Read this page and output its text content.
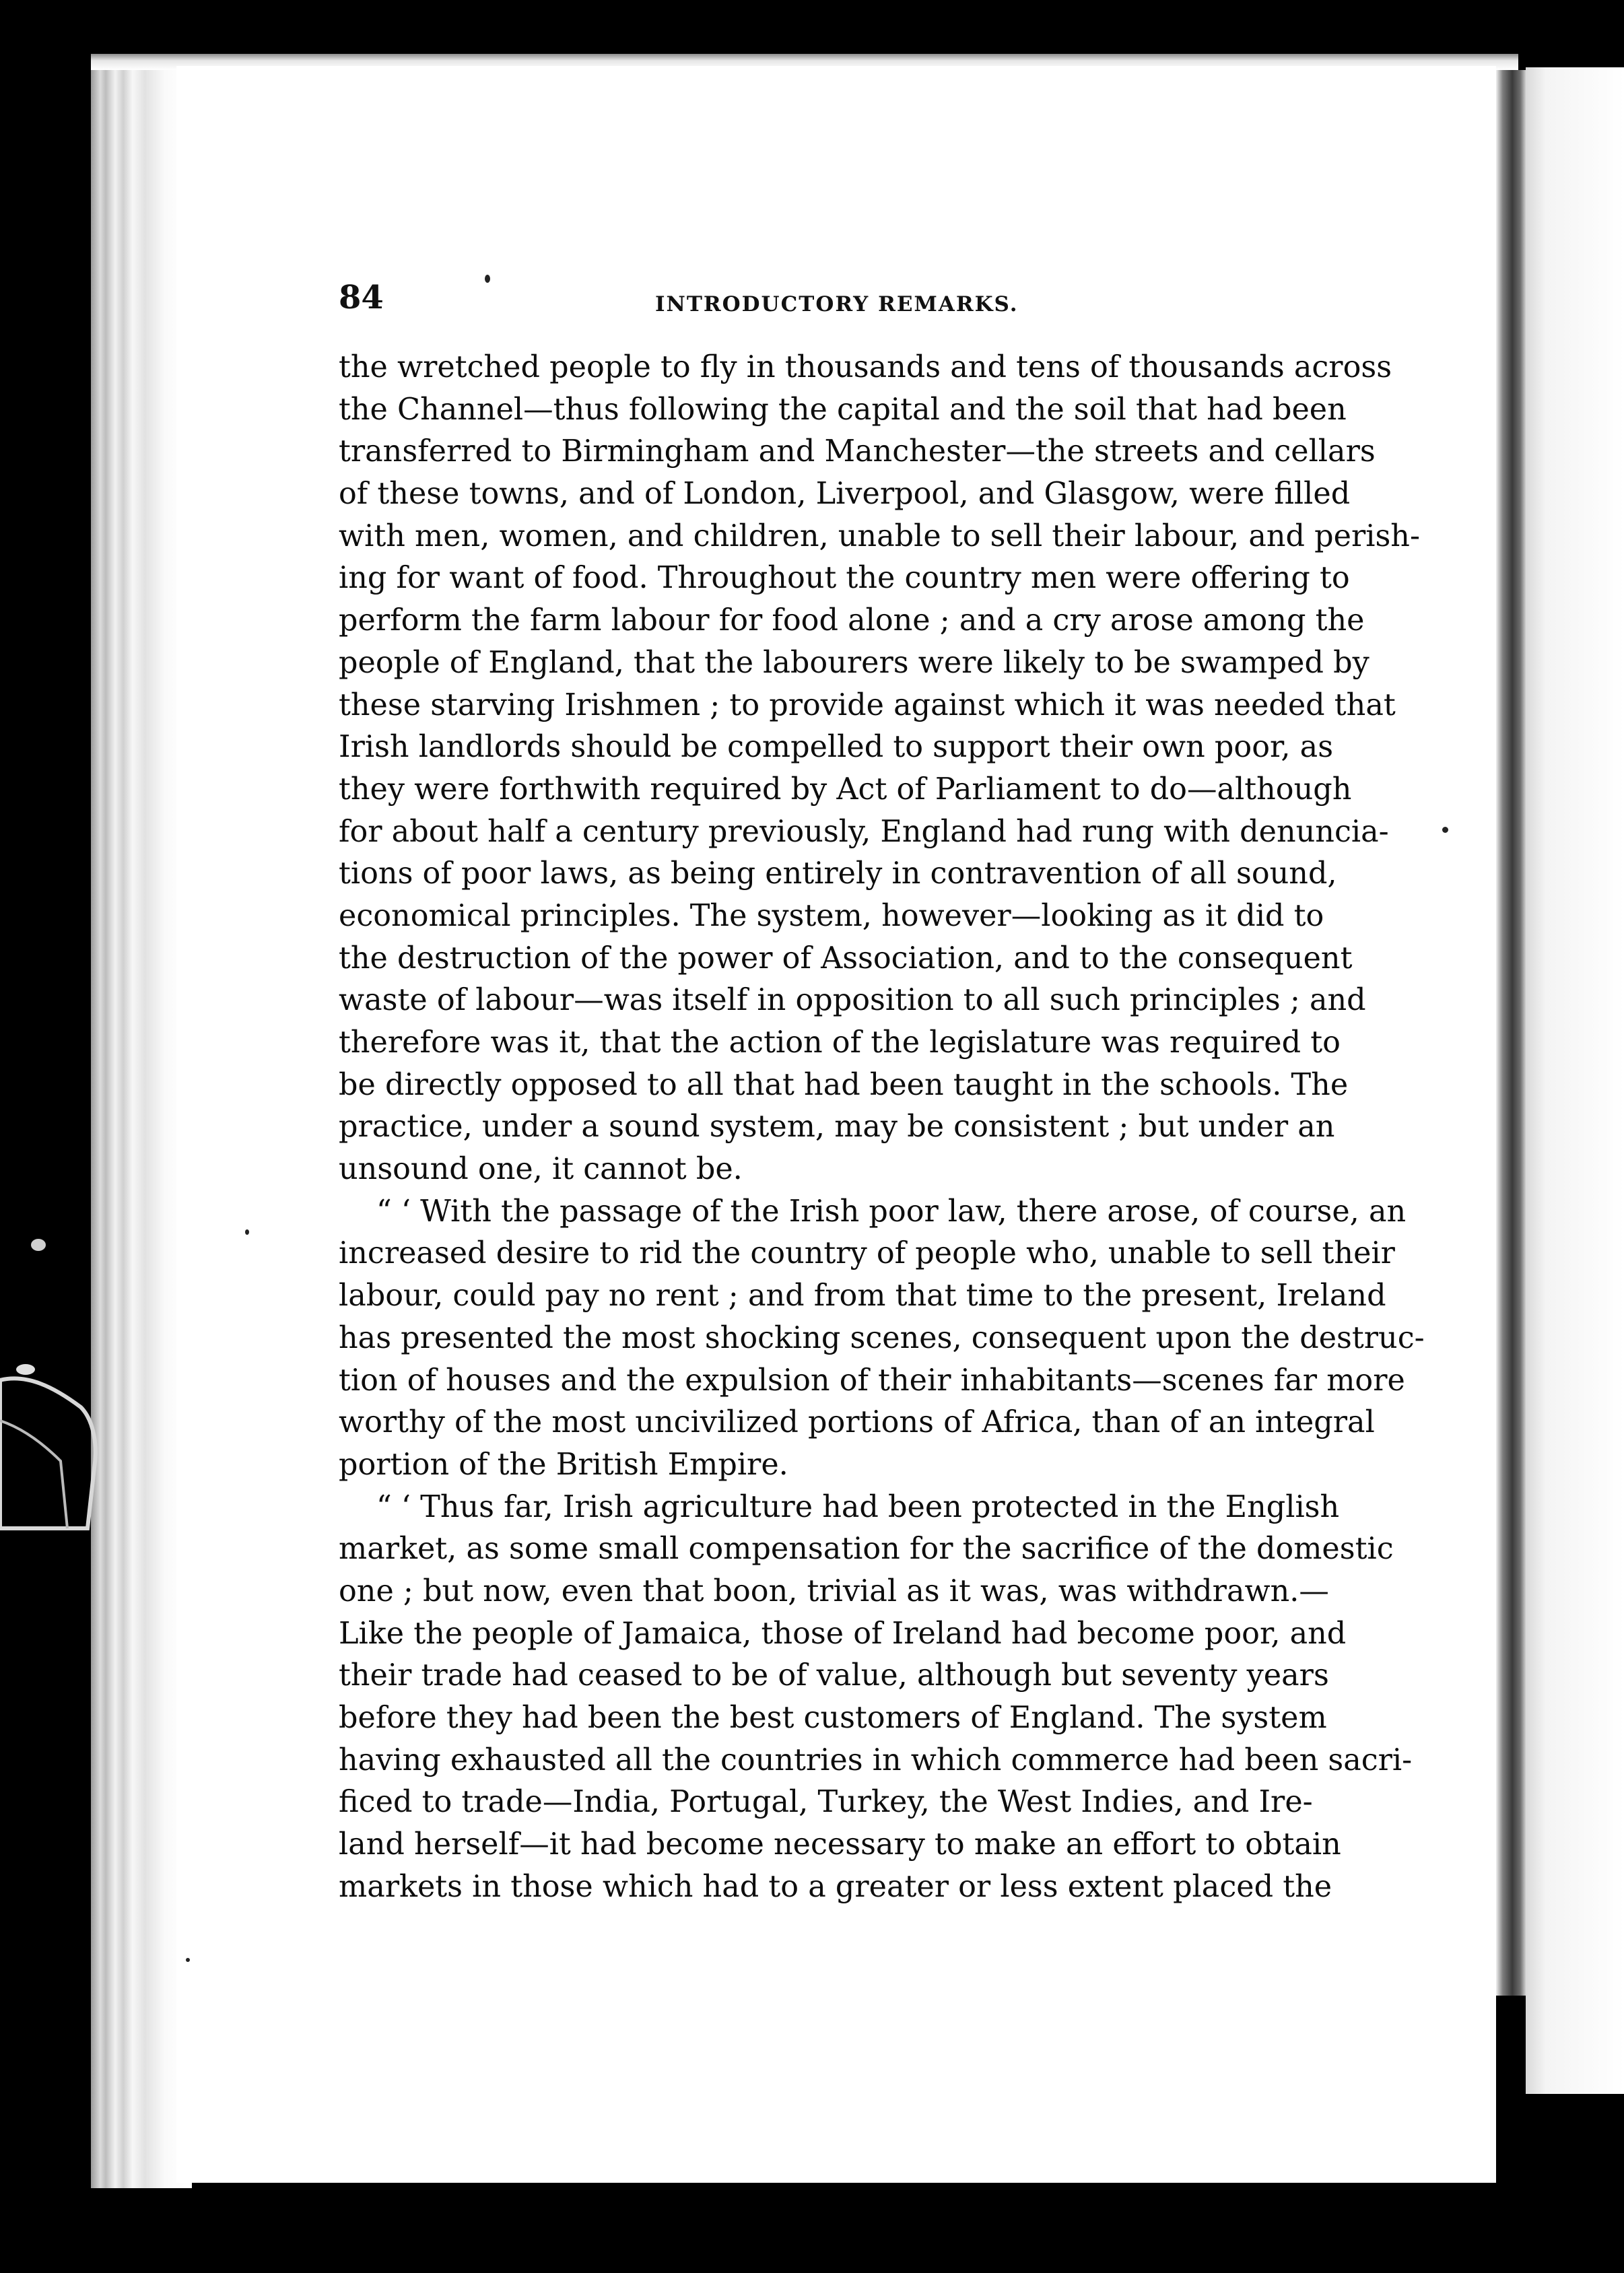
84	INTRODUCTORY REMARKS.
the wretched people to fly in thousands and tens of thousands across
the Channel—thus following the capital and the soil that had been
transferred to Birmingham and Manchester—the streets and cellars
of these towns, and of London, Liverpool, and Glasgow, were filled
with men, women, and children, unable to sell their labour, and perish-
ing for want of food. Throughout the country men were offering to
perform the farm labour for food alone ; and a cry arose among the
people of England, that the labourers were likely to be swamped by
these starving Irishmen ; to provide against which it was needed that
Irish landlords should be compelled to support their own poor, as
they were forthwith required by Act of Parliament to do—although
for about half a century previously, England had rung with denuncia-
tions of poor laws, as being entirely in contravention of all sound,
economical principles. The system, however—looking as it did to
the destruction of the power of Association, and to the consequent
waste of labour—was itself in opposition to all such principles ; and
therefore was it, that the action of the legislature was required to
be directly opposed to all that had been taught in the schools. The
practice, under a sound system, may be consistent ; but under an
unsound one, it cannot be.
“ ‘ With the passage of the Irish poor law, there arose, of course, an
increased desire to rid the country of people who, unable to sell their
labour, could pay no rent ; and from that time to the present, Ireland
has presented the most shocking scenes, consequent upon the destruc-
tion of houses and the expulsion of their inhabitants—scenes far more
worthy of the most uncivilized portions of Africa, than of an integral
portion of the British Empire.
“ ‘ Thus far, Irish agriculture had been protected in the English
market, as some small compensation for the sacrifice of the domestic
one ; but now, even that boon, trivial as it was, was withdrawn.—
Like the people of Jamaica, those of Ireland had become poor, and
their trade had ceased to be of value, although but seventy years
before they had been the best customers of England. The system
having exhausted all the countries in which commerce had been sacri-
ficed to trade—India, Portugal, Turkey, the West Indies, and Ire-
land herself—it had become necessary to make an effort to obtain
markets in those which had to a greater or less extent placed the
